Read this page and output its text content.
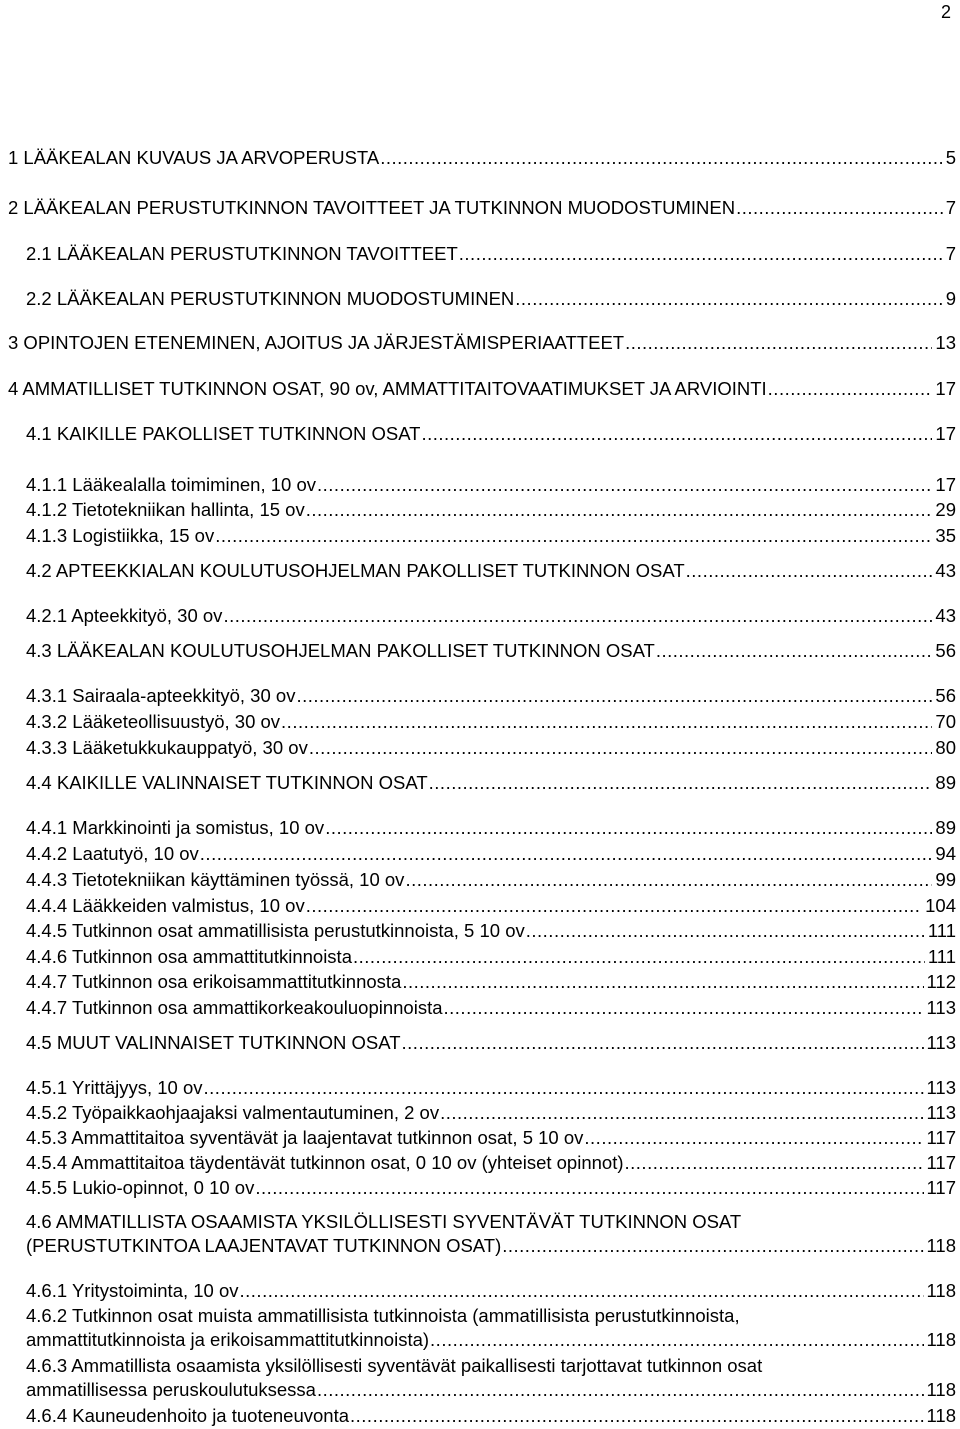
2
1 LÄÄKEALAN KUVAUS JA ARVOPERUSTA .....	5
2 LÄÄKEALAN PERUSTUTKINNON TAVOITTEET JA TUTKINNON MUODOSTUMINEN .....	7
2.1 LÄÄKEALAN PERUSTUTKINNON TAVOITTEET .....	7
2.2 LÄÄKEALAN PERUSTUTKINNON MUODOSTUMINEN .....	9
3 OPINTOJEN ETENEMINEN, AJOITUS JA JÄRJESTÄMISPERIAATTEET .....	13
4 AMMATILLISET TUTKINNON OSAT, 90 ov, AMMATTITAITOVAATIMUKSET JA ARVIOINTI .....	17
4.1 KAIKILLE PAKOLLISET TUTKINNON OSAT .....	17
4.1.1 Lääkealalla toimiminen, 10 ov .....	17
4.1.2 Tietotekniikan hallinta, 15 ov .....	29
4.1.3 Logistiikka, 15 ov .....	35
4.2 APTEEKKIALAN KOULUTUSOHJELMAN PAKOLLISET TUTKINNON OSAT .....	43
4.2.1 Apteekkityö, 30 ov .....	43
4.3 LÄÄKEALAN KOULUTUSOHJELMAN PAKOLLISET TUTKINNON OSAT .....	56
4.3.1 Sairaala-apteekkityö, 30 ov .....	56
4.3.2 Lääketeollisuustyö, 30 ov .....	70
4.3.3 Lääketukkukauppatyö, 30 ov .....	80
4.4 KAIKILLE VALINNAISET TUTKINNON OSAT .....	89
4.4.1 Markkinointi ja somistus, 10 ov .....	89
4.4.2 Laatutyö, 10 ov .....	94
4.4.3 Tietotekniikan käyttäminen työssä, 10 ov .....	99
4.4.4 Lääkkeiden valmistus, 10 ov .....	104
4.4.5 Tutkinnon osat ammatillisista perustutkinnoista, 5 10 ov .....	111
4.4.6 Tutkinnon osa ammattitutkinnoista .....	111
4.4.7 Tutkinnon osa erikoisammattitutkinnosta .....	112
4.4.7 Tutkinnon osa ammattikorkeakouluopinnoista .....	113
4.5 MUUT VALINNAISET TUTKINNON OSAT .....	113
4.5.1 Yrittäjyys, 10 ov .....	113
4.5.2 Työpaikkaohjaajaksi valmentautuminen, 2 ov .....	113
4.5.3 Ammattitaitoa syventävät ja laajentavat tutkinnon osat, 5 10 ov .....	117
4.5.4 Ammattitaitoa täydentävät tutkinnon osat, 0 10 ov (yhteiset opinnot) .....	117
4.5.5 Lukio-opinnot, 0 10 ov .....	117
4.6 AMMATILLISTA OSAAMISTA YKSILÖLLISESTI SYVENTÄVÄT TUTKINNON OSAT
(PERUSTUTKINTOA LAAJENTAVAT TUTKINNON OSAT) .....	118
4.6.1 Yritystoiminta, 10 ov .....	118
4.6.2 Tutkinnon osat muista ammatillisista tutkinnoista (ammatillisista perustutkinnoista,
ammattitutkinnoista ja erikoisammattitutkinnoista) .....	118
4.6.3 Ammatillista osaamista yksilöllisesti syventävät paikallisesti tarjottavat tutkinnon osat
ammatillisessa peruskoulutuksessa .....	118
4.6.4 Kauneudenhoito ja tuoteneuvonta .....	118
